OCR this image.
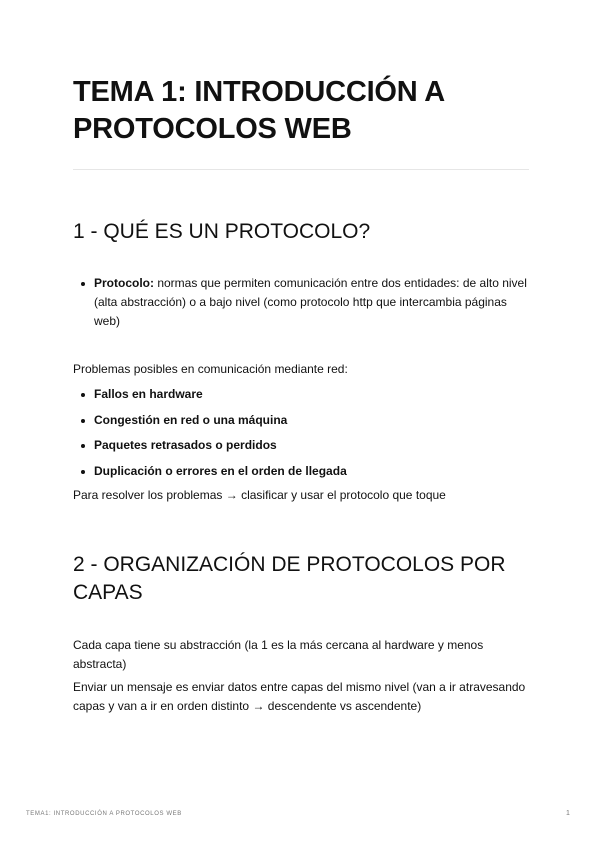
TEMA 1: INTRODUCCIÓN A PROTOCOLOS WEB
1 - QUÉ ES UN PROTOCOLO?
Protocolo: normas que permiten comunicación entre dos entidades: de alto nivel (alta abstracción) o a bajo nivel (como protocolo http que intercambia páginas web)

Problemas posibles en comunicación mediante red:

Fallos en hardware
Congestión en red o una máquina
Paquetes retrasados o perdidos
Duplicación o errores en el orden de llegada

Para resolver los problemas → clasificar y usar el protocolo que toque

2 - ORGANIZACIÓN DE PROTOCOLOS POR CAPAS

Cada capa tiene su abstracción (la 1 es la más cercana al hardware y menos abstracta)

Enviar un mensaje es enviar datos entre capas del mismo nivel (van a ir atravesando capas y van a ir en orden distinto → descendente vs ascendente)

TEMA1: INTRODUCCIÓN A PROTOCOLOS WEB	1
